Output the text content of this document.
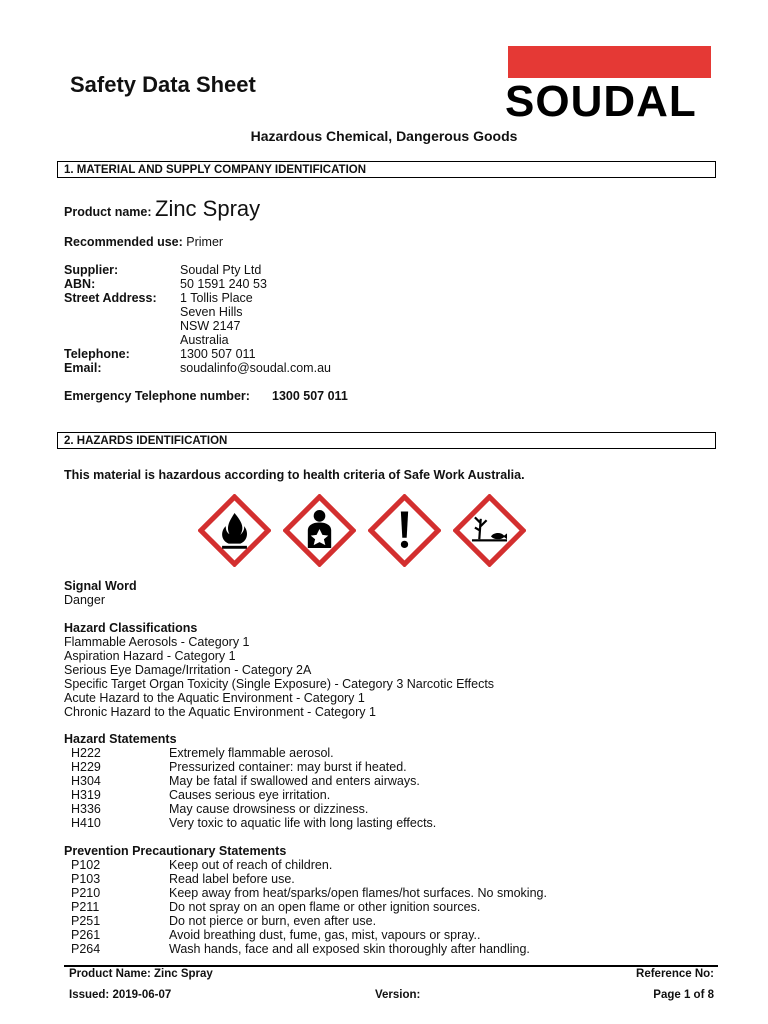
Safety Data Sheet	SOUDAL
Hazardous Chemical, Dangerous Goods
1. MATERIAL AND SUPPLY COMPANY IDENTIFICATION
Product name: Zinc Spray
Recommended use: Primer
Supplier:	Soudal Pty Ltd
ABN:	50 1591 240 53
Street Address: 1 Tollis Place
Seven Hills
NSW 2147
Australia
Telephone:	1300 507 011
Email:	soudalinfo@soudal.com.au
Emergency Telephone number: 1300 507 011
2. HAZARDS IDENTIFICATION
This material is hazardous according to health criteria of Safe Work Australia.
Signal Word
Danger
Hazard Classifications
Flammable Aerosols - Category 1
Aspiration Hazard - Category 1
Serious Eye Damage/Irritation - Category 2A
Specific Target Organ Toxicity (Single Exposure) - Category 3 Narcotic Effects
Acute Hazard to the Aquatic Environment - Category 1
Chronic Hazard to the Aquatic Environment - Category 1
Hazard Statements
H222	Extremely flammable aerosol.
H229	Pressurized container: may burst if heated.
H304	May be fatal if swallowed and enters airways.
H319	Causes serious eye irritation.
H336	May cause drowsiness or dizziness.
H410	Very toxic to aquatic life with long lasting effects.
Prevention Precautionary Statements
P102	Keep out of reach of children.
P103	Read label before use.
P210	Keep away from heat/sparks/open flames/hot surfaces. No smoking.
P211	Do not spray on an open flame or other ignition sources.
P251	Do not pierce or burn, even after use.
P261	Avoid breathing dust, fume, gas, mist, vapours or spray..
P264	Wash hands, face and all exposed skin thoroughly after handling.
Product Name: Zinc Spray	Reference No:
Issued: 2019-06-07	Version:	Page 1 of 8
